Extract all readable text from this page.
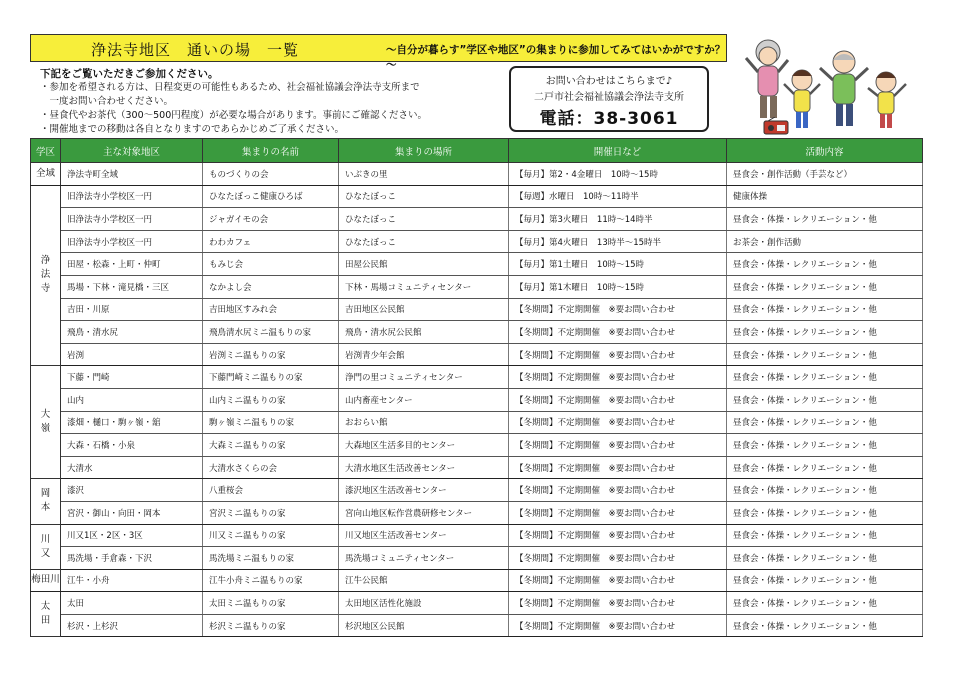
浄法寺地区　通いの場　一覧	～自分が暮らす”学区や地区”の集まりに参加してみてはいかがですか？～
下記をご覧いただきご参加ください。
・参加を希望される方は、日程変更の可能性もあるため、社会福祉協議会浄法寺支所まで
　一度お問い合わせください。
・昼食代やお茶代（300～500円程度）が必要な場合があります。事前にご確認ください。
・開催地までの移動は各自となりますのであらかじめご了承ください。
お問い合わせはこちらまで♪
二戸市社会福祉協議会浄法寺支所
電話：38-3061
学区	主な対象地区	集まりの名前	集まりの場所	開催日など	活動内容
全域	浄法寺町全域	ものづくりの会	いぶきの里	【毎月】第2・4金曜日　10時～15時	昼食会・創作活動（手芸など）

浄
法
寺	旧浄法寺小学校区一円	ひなたぼっこ健康ひろば	ひなたぼっこ	【毎週】水曜日　10時～11時半	健康体操
	旧浄法寺小学校区一円	ジャガイモの会	ひなたぼっこ	【毎月】第3火曜日　11時～14時半	昼食会・体操・レクリエーション・他
	旧浄法寺小学校区一円	わわカフェ	ひなたぼっこ	【毎月】第4火曜日　13時半～15時半	お茶会・創作活動
	田屋・松森・上町・仲町	もみじ会	田屋公民館	【毎月】第1土曜日　10時～15時	昼食会・体操・レクリエーション・他
	馬場・下林・滝見橋・三区	なかよし会	下林・馬場コミュニティセンター	【毎月】第1木曜日　10時～15時	昼食会・体操・レクリエーション・他
	吉田・川原	吉田地区すみれ会	吉田地区公民館	【冬期間】不定期開催　※要お問い合わせ	昼食会・体操・レクリエーション・他
	飛鳥・清水尻	飛鳥清水尻ミニ温もりの家	飛鳥・清水尻公民館	【冬期間】不定期開催　※要お問い合わせ	昼食会・体操・レクリエーション・他
	岩渕	岩渕ミニ温もりの家	岩渕青少年会館	【冬期間】不定期開催　※要お問い合わせ	昼食会・体操・レクリエーション・他

大
嶺	下藤・門崎	下藤門崎ミニ温もりの家	浄門の里コミュニティセンター	【冬期間】不定期開催　※要お問い合わせ	昼食会・体操・レクリエーション・他
	山内	山内ミニ温もりの家	山内畜産センター	【冬期間】不定期開催　※要お問い合わせ	昼食会・体操・レクリエーション・他
	漆畑・樋口・駒ヶ嶺・舘	駒ヶ嶺ミニ温もりの家	おおらい館	【冬期間】不定期開催　※要お問い合わせ	昼食会・体操・レクリエーション・他
	大森・石橋・小泉	大森ミニ温もりの家	大森地区生活多目的センター	【冬期間】不定期開催　※要お問い合わせ	昼食会・体操・レクリエーション・他
	大清水	大清水さくらの会	大清水地区生活改善センター	【冬期間】不定期開催　※要お問い合わせ	昼食会・体操・レクリエーション・他

岡
本	漆沢	八重桜会	漆沢地区生活改善センター	【冬期間】不定期開催　※要お問い合わせ	昼食会・体操・レクリエーション・他
	宮沢・御山・向田・岡本	宮沢ミニ温もりの家	宮向山地区転作営農研修センター	【冬期間】不定期開催　※要お問い合わせ	昼食会・体操・レクリエーション・他

川
又	川又1区・2区・3区	川又ミニ温もりの家	川又地区生活改善センター	【冬期間】不定期開催　※要お問い合わせ	昼食会・体操・レクリエーション・他
	馬洗場・手倉森・下沢	馬洗場ミニ温もりの家	馬洗場コミュニティセンター	【冬期間】不定期開催　※要お問い合わせ	昼食会・体操・レクリエーション・他
梅田川	江牛・小舟	江牛小舟ミニ温もりの家	江牛公民館	【冬期間】不定期開催　※要お問い合わせ	昼食会・体操・レクリエーション・他

太
田	太田	太田ミニ温もりの家	太田地区活性化施設	【冬期間】不定期開催　※要お問い合わせ	昼食会・体操・レクリエーション・他
	杉沢・上杉沢	杉沢ミニ温もりの家	杉沢地区公民館	【冬期間】不定期開催　※要お問い合わせ	昼食会・体操・レクリエーション・他
